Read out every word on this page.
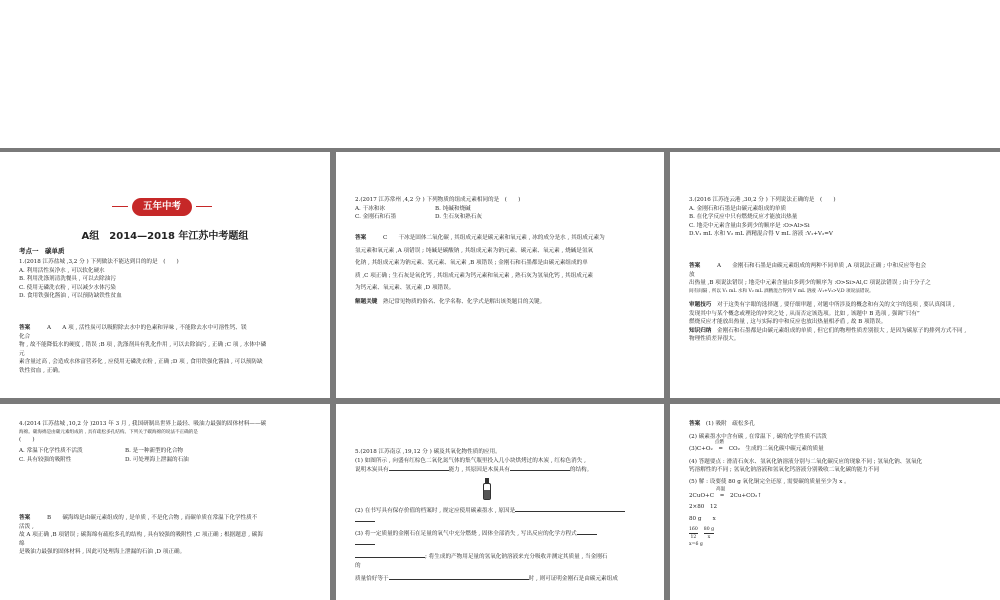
五年中考
A组　2014—2018 年江苏中考题组
考点一　碳单质
1.(2018 江苏盐城 ,3,2 分 ) 下列做法不能达到目的的是　(　　)
A. 利用活性炭净水 , 可以软化硬水
B. 利用洗涤剂清洗餐具 , 可以去除油污
C. 使用无磷洗衣粉 , 可以减少水体污染
D. 食用铁强化酱油 , 可以预防缺铁性贫血
答案　　　	A　　 A 项 , 活性炭可以吸附除去水中的色素和异味 , 不能除去水中可溶性钙、镁
化合
物 , 故不能降低水的硬度 , 错误 ;B 项 , 洗涤剂具有乳化作用 , 可以去除油污 , 正确 ;C 项 , 水体中磷
元
素含量过高 , 会造成水体富营养化 , 应使用无磷洗衣粉 , 正确 ;D 项 , 食用铁强化酱油 , 可以预防缺
铁性贫血 , 正确。
2.(2017 江苏常州 ,4,2 分 ) 下列物质的组成元素相同的是　(　　)
A. 干冰和冰	B. 纯碱和烧碱
C. 金刚石和石墨	D. 生石灰和熟石灰
答案　　　	C　　 干冰是固体二氧化碳 , 其组成元素是碳元素和氧元素 , 冰的成分是水 , 其组成元素为
氢元素和氧元素 ,A 项错误 ; 纯碱是碳酸钠 , 其组成元素为钠元素、碳元素、氧元素 , 烧碱是氢氧
化钠 , 其组成元素为钠元素、氢元素、氧元素 ,B 项错误 ; 金刚石和石墨都是由碳元素组成的单
质 ,C 项正确 ; 生石灰是氧化钙 , 其组成元素为钙元素和氧元素 , 熟石灰为氢氧化钙 , 其组成元素
为钙元素、氧元素、氢元素 ,D 项错误。
解题关键　 熟记常见物质的俗名、化学名称、化学式是解出该类题目的关键。
3.(2016 江苏连云港 ,30,2 分 ) 下列说法正确的是　(　　)
A. 金刚石和石墨是由碳元素组成的单质
B. 在化学反应中只有燃烧反应才能放出热量
C. 地壳中元素含量由多到少的顺序是 :O>Al>Si
D.V₁ mL 水和 V₂ mL 酒精混合得 V mL 溶液 :V₁+V₂=V
答案　　　	A　　 金刚石和石墨是由碳元素组成的两种不同单质 ,A 项说法正确 ; 中和反应等也会
放
出热量 ,B 项说法错误 ; 地壳中元素含量由多到少的顺序为 :O>Si>Al,C 项说法错误 ; 由于分子之
间有间隔 , 所以 V₁ mL 水和 V₂ mL 酒精混合得到 V mL 溶液 :V₁+V₂>V,D 项说法错误。
审题技巧　 对于这类有字眼的选择题 , 要仔细审题 , 对题中所涉及的概念和有关的文字的选项 , 要认真阅读 ,
发现其中与某个概念或理论的冲突之处 , 从而否定该选项。比如 , 该题中 B 选项 , 强调“只有”
燃烧反应才能放出热量 , 这与实际的中和反应也放出热量相矛盾 , 故 B 项错误。
知识归纳　 金刚石和石墨都是由碳元素组成的单质 , 但它们的物理性质差别很大 , 是因为碳原子的排列方式不同 ,
物理性质差异很大。
4.(2014 江苏盐城 ,10,2 分 )2013 年 3 月 , 我国研制出世界上最轻、吸油力最强的固体材料——碳
海绵。碳海绵是由碳元素组成的 , 具有疏松多孔结构。下列关于碳海绵的说法不正确的是
(　　)
A. 常温下化学性质不活泼	B. 是一种新型的化合物
C. 具有较强的吸附性	D. 可处理海上泄漏的石油
答案　　　	B　　 碳海绵是由碳元素组成的 , 是单质 , 不是化合物 , 而碳单质在常温下化学性质不
活泼 ,
故 A 项正确 ,B 项错误 ; 碳海绵有疏松多孔的结构 , 具有较强的吸附性 ,C 项正确 ; 根据题意 , 碳海
绵
是吸油力最强的固体材料 , 因此可处理海上泄漏的石油 ,D 项正确。
5.(2018 江苏南京 ,19,12 分 ) 碳及其氧化物性质的应用。
(1) 如图所示 , 向盛有红棕色二氧化氮气体的集气瓶里投入几小块烘烤过的木炭 , 红棕色消失 ,
说明木炭具有	能力 , 其原因是木炭具有	的结构。
(2) 在书写具有保存价值的档案时 , 规定应使用碳素墨水 , 原因是
(3) 将一定质量的金刚石在足量的氧气中充分燃烧 , 固体全部消失 , 写出反应的化学方程式
; 将生成的产物用足量的氢氧化钠溶液来充分吸收并测定其质量 , 当金刚石
的
质量恰好等于	时 , 则可证明金刚石是由碳元素组成
答案　 (1) 吸附　疏松多孔
(2) 碳素墨水中含有碳 , 在常温下 , 碳的化学性质不活泼
(3)C+O₂
点燃
═ CO₂　生成的二氧化碳中碳元素的质量
(4) 答题要点 : 滑清石灰水、氢氧化钠溶液分别与二氧化碳反应的现象不同 ; 氢氧化钠、氢氧化
钙溶解性的不同 ; 氢氧化钠溶液和氢氧化钙溶液分别吸收二氧化碳的能力不同
(5) 解 : 设要使 80 g 氧化铜完全还原 , 需要碳的质量至少为 x 。
2CuO+C
高温
═ 2Cu+CO₂↑
2×80　12
80 g　　x
$\frac{160}{12} \frac{80 g}{x}$
x=6 g
